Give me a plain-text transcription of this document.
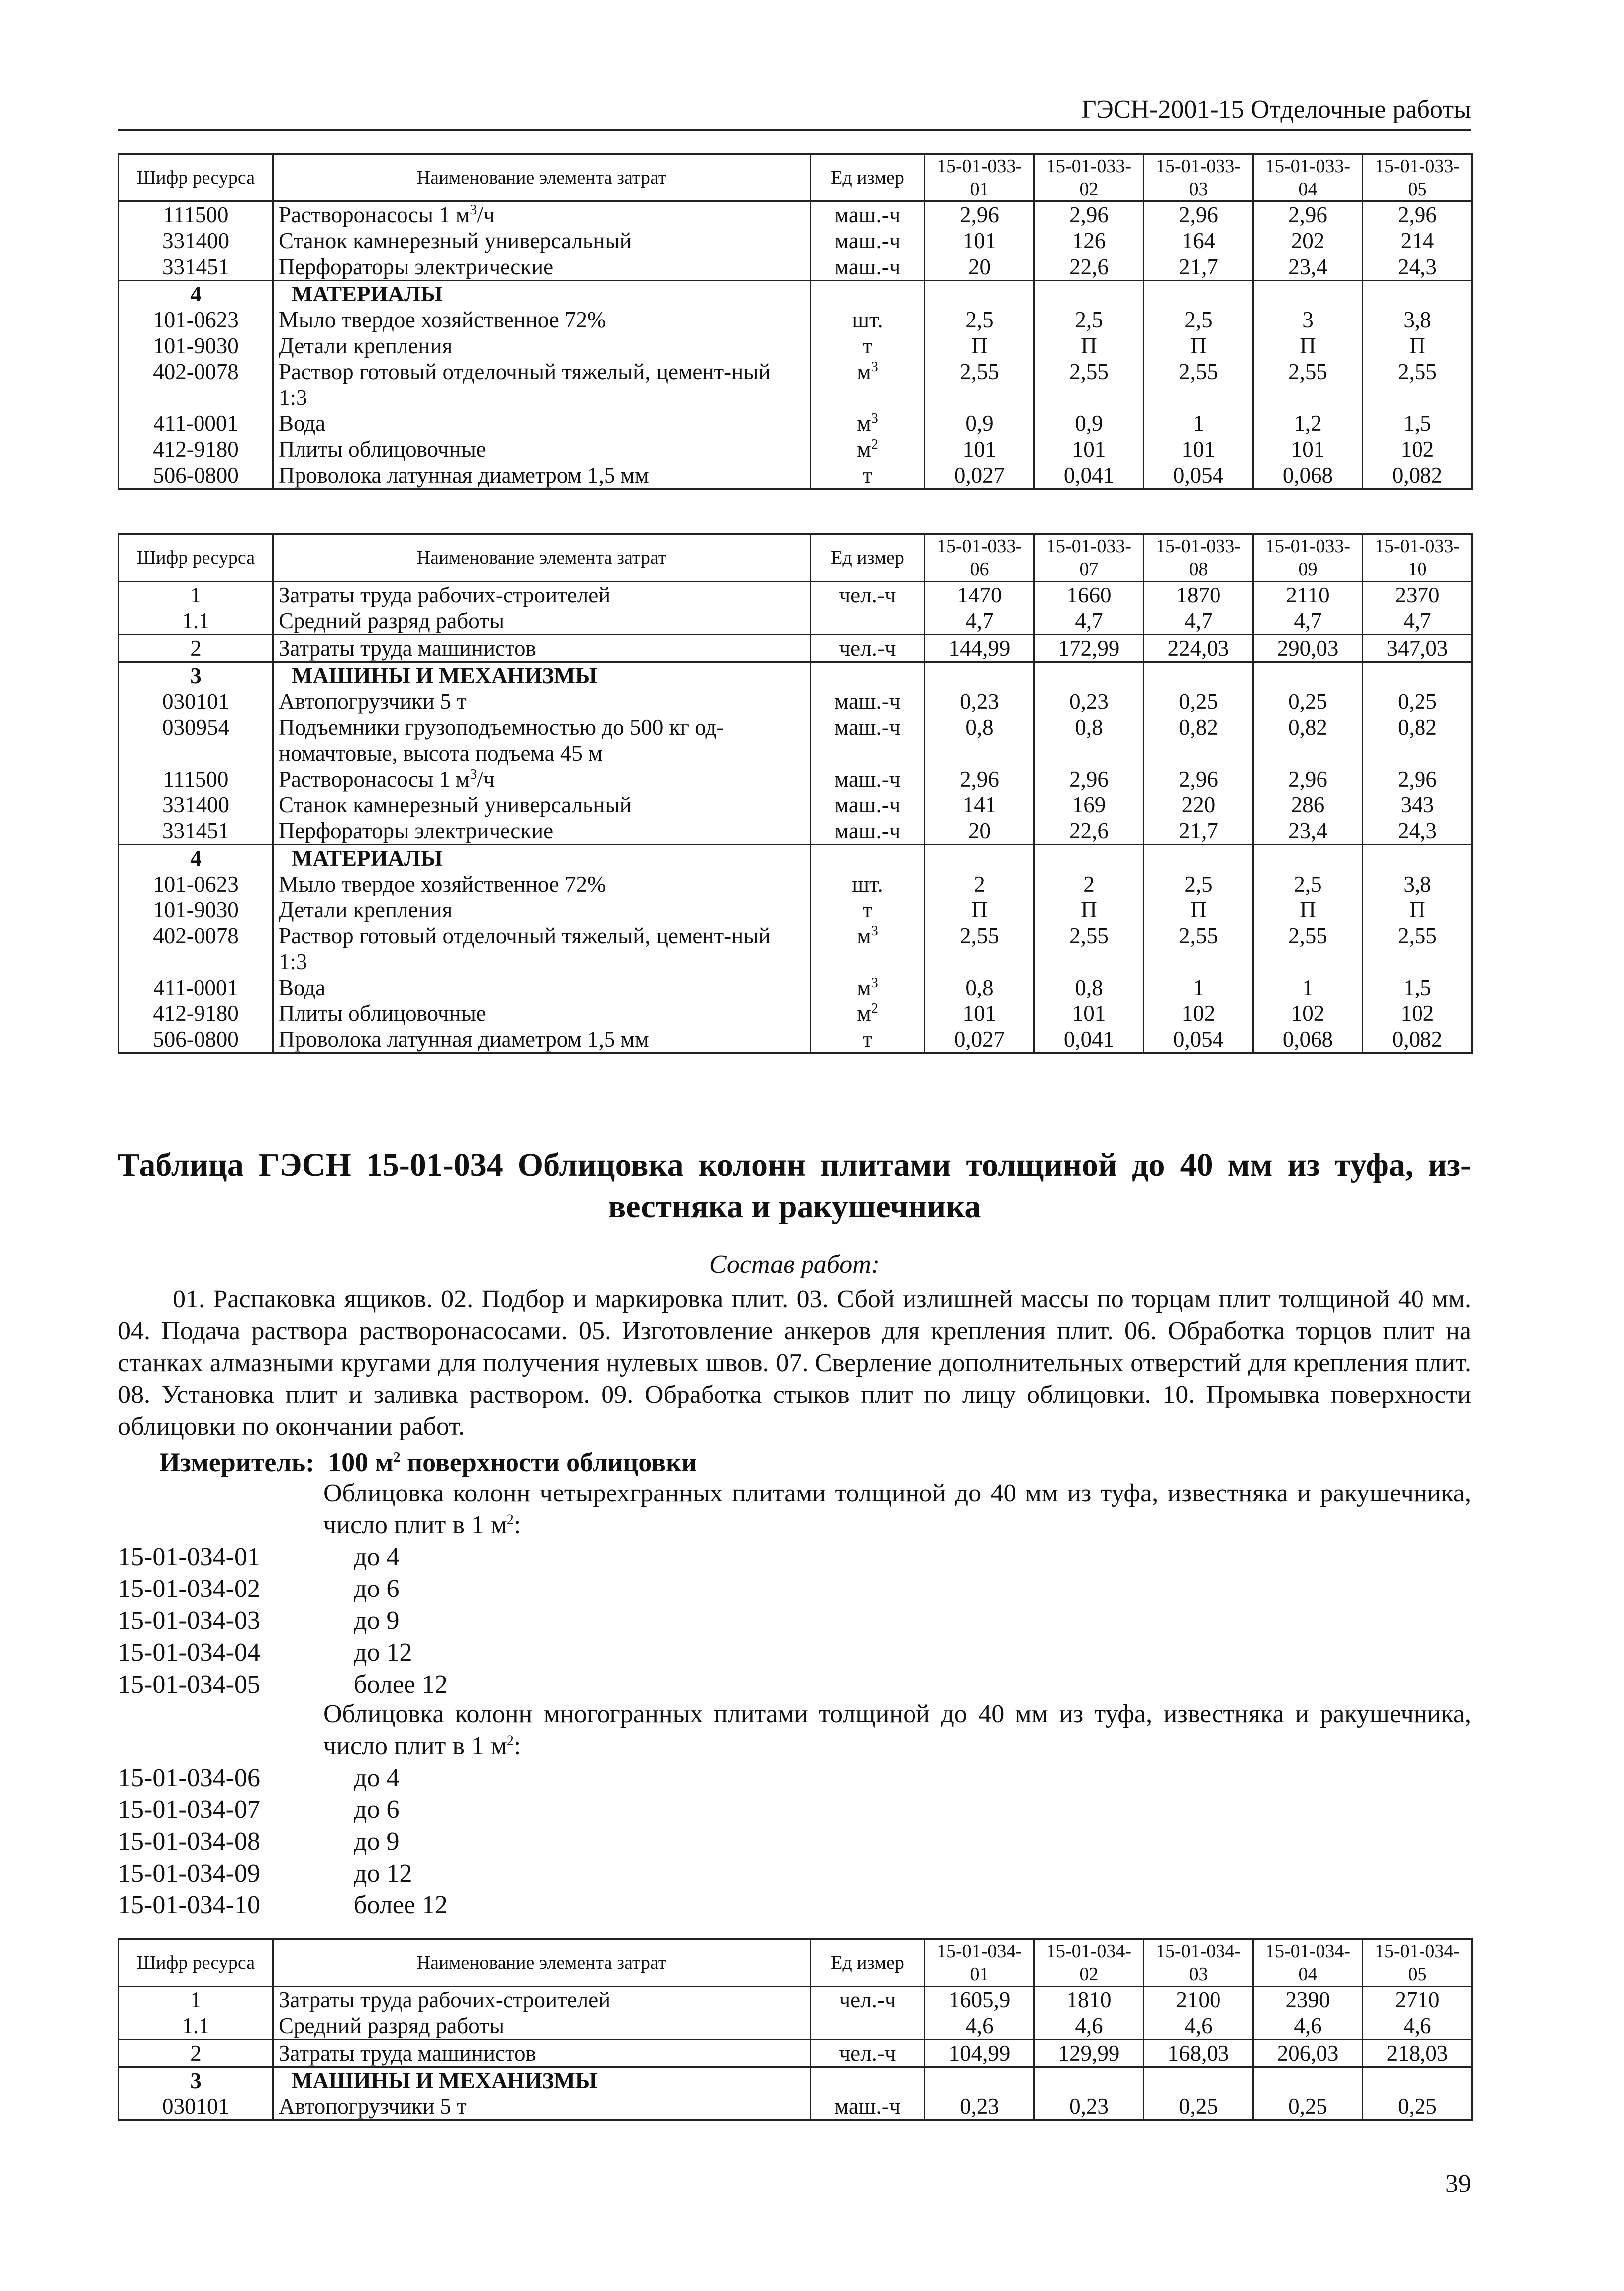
ГЭСН-2001-15 Отделочные работы
Шифр ресурса	Наименование элемента затрат	Ед измер	15-01-033-01	15-01-033-02	15-01-033-03	15-01-033-04	15-01-033-05
111500	Растворонасосы 1 $м^3/ч$	маш.-ч	2,96	2,96	2,96	2,96	2,96
331400	Станок камнерезный универсальный	маш.-ч	101	126	164	202	214
331451	Перфораторы электрические	маш.-ч	20	22,6	21,7	23,4	24,3
4	МАТЕРИАЛЫ						
101-0623	Мыло твердое хозяйственное 72%	шт.	2,5	2,5	2,5	3	3,8
101-9030	Детали крепления	т	П	П	П	П	П
402-0078	Раствор готовый отделочный тяжелый, цемент-ный 1:3	$м^3$	2,55	2,55	2,55	2,55	2,55
411-0001	Вода	$м^3$	0,9	0,9	1	1,2	1,5
412-9180	Плиты облицовочные	$м^2$	101	101	101	101	102
506-0800	Проволока латунная диаметром 1,5 мм	т	0,027	0,041	0,054	0,068	0,082
Шифр ресурса	Наименование элемента затрат	Ед измер	15-01-033-06	15-01-033-07	15-01-033-08	15-01-033-09	15-01-033-10
1	Затраты труда рабочих-строителей	чел.-ч	1470	1660	1870	2110	2370
1.1	Средний разряд работы		4,7	4,7	4,7	4,7	4,7
2	Затраты труда машинистов	чел.-ч	144,99	172,99	224,03	290,03	347,03
3	МАШИНЫ И МЕХАНИЗМЫ						
030101	Автопогрузчики 5 т	маш.-ч	0,23	0,23	0,25	0,25	0,25
030954	Подъемники грузоподъемностью до 500 кг од-номачтовые, высота подъема 45 м	маш.-ч	0,8	0,8	0,82	0,82	0,82
111500	Растворонасосы 1 $м^3/ч$	маш.-ч	2,96	2,96	2,96	2,96	2,96
331400	Станок камнерезный универсальный	маш.-ч	141	169	220	286	343
331451	Перфораторы электрические	маш.-ч	20	22,6	21,7	23,4	24,3
4	МАТЕРИАЛЫ						
101-0623	Мыло твердое хозяйственное 72%	шт.	2	2	2,5	2,5	3,8
101-9030	Детали крепления	т	П	П	П	П	П
402-0078	Раствор готовый отделочный тяжелый, цемент-ный 1:3	$м^3$	2,55	2,55	2,55	2,55	2,55
411-0001	Вода	$м^3$	0,8	0,8	1	1	1,5
412-9180	Плиты облицовочные	$м^2$	101	101	102	102	102
506-0800	Проволока латунная диаметром 1,5 мм	т	0,027	0,041	0,054	0,068	0,082
Таблица ГЭСН 15-01-034 Облицовка колонн плитами толщиной до 40 мм из туфа, из-
вестняка и ракушечника
Состав работ:
01. Распаковка ящиков. 02. Подбор и маркировка плит. 03. Сбой излишней массы по торцам плит толщиной 40 мм. 04. Подача раствора растворонасосами. 05. Изготовление анкеров для крепления плит. 06. Обработка торцов плит на станках алмазными кругами для получения нулевых швов. 07. Сверление дополнительных отверстий для крепления плит. 08. Установка плит и заливка раствором. 09. Обработка стыков плит по лицу облицовки. 10. Промывка поверхности облицовки по окончании работ.
Измеритель: 100 $м^2$ поверхности облицовки
Облицовка колонн четырехгранных плитами толщиной до 40 мм из туфа, известняка и ракушечника, число плит в 1 $м^2$:
15-01-034-01	до 4
15-01-034-02	до 6
15-01-034-03	до 9
15-01-034-04	до 12
15-01-034-05	более 12
Облицовка колонн многогранных плитами толщиной до 40 мм из туфа, известняка и ракушечника, число плит в 1 $м^2$:
15-01-034-06	до 4
15-01-034-07	до 6
15-01-034-08	до 9
15-01-034-09	до 12
15-01-034-10	более 12
Шифр ресурса	Наименование элемента затрат	Ед измер	15-01-034-01	15-01-034-02	15-01-034-03	15-01-034-04	15-01-034-05
1	Затраты труда рабочих-строителей	чел.-ч	1605,9	1810	2100	2390	2710
1.1	Средний разряд работы		4,6	4,6	4,6	4,6	4,6
2	Затраты труда машинистов	чел.-ч	104,99	129,99	168,03	206,03	218,03
3	МАШИНЫ И МЕХАНИЗМЫ						
030101	Автопогрузчики 5 т	маш.-ч	0,23	0,23	0,25	0,25	0,25
39
